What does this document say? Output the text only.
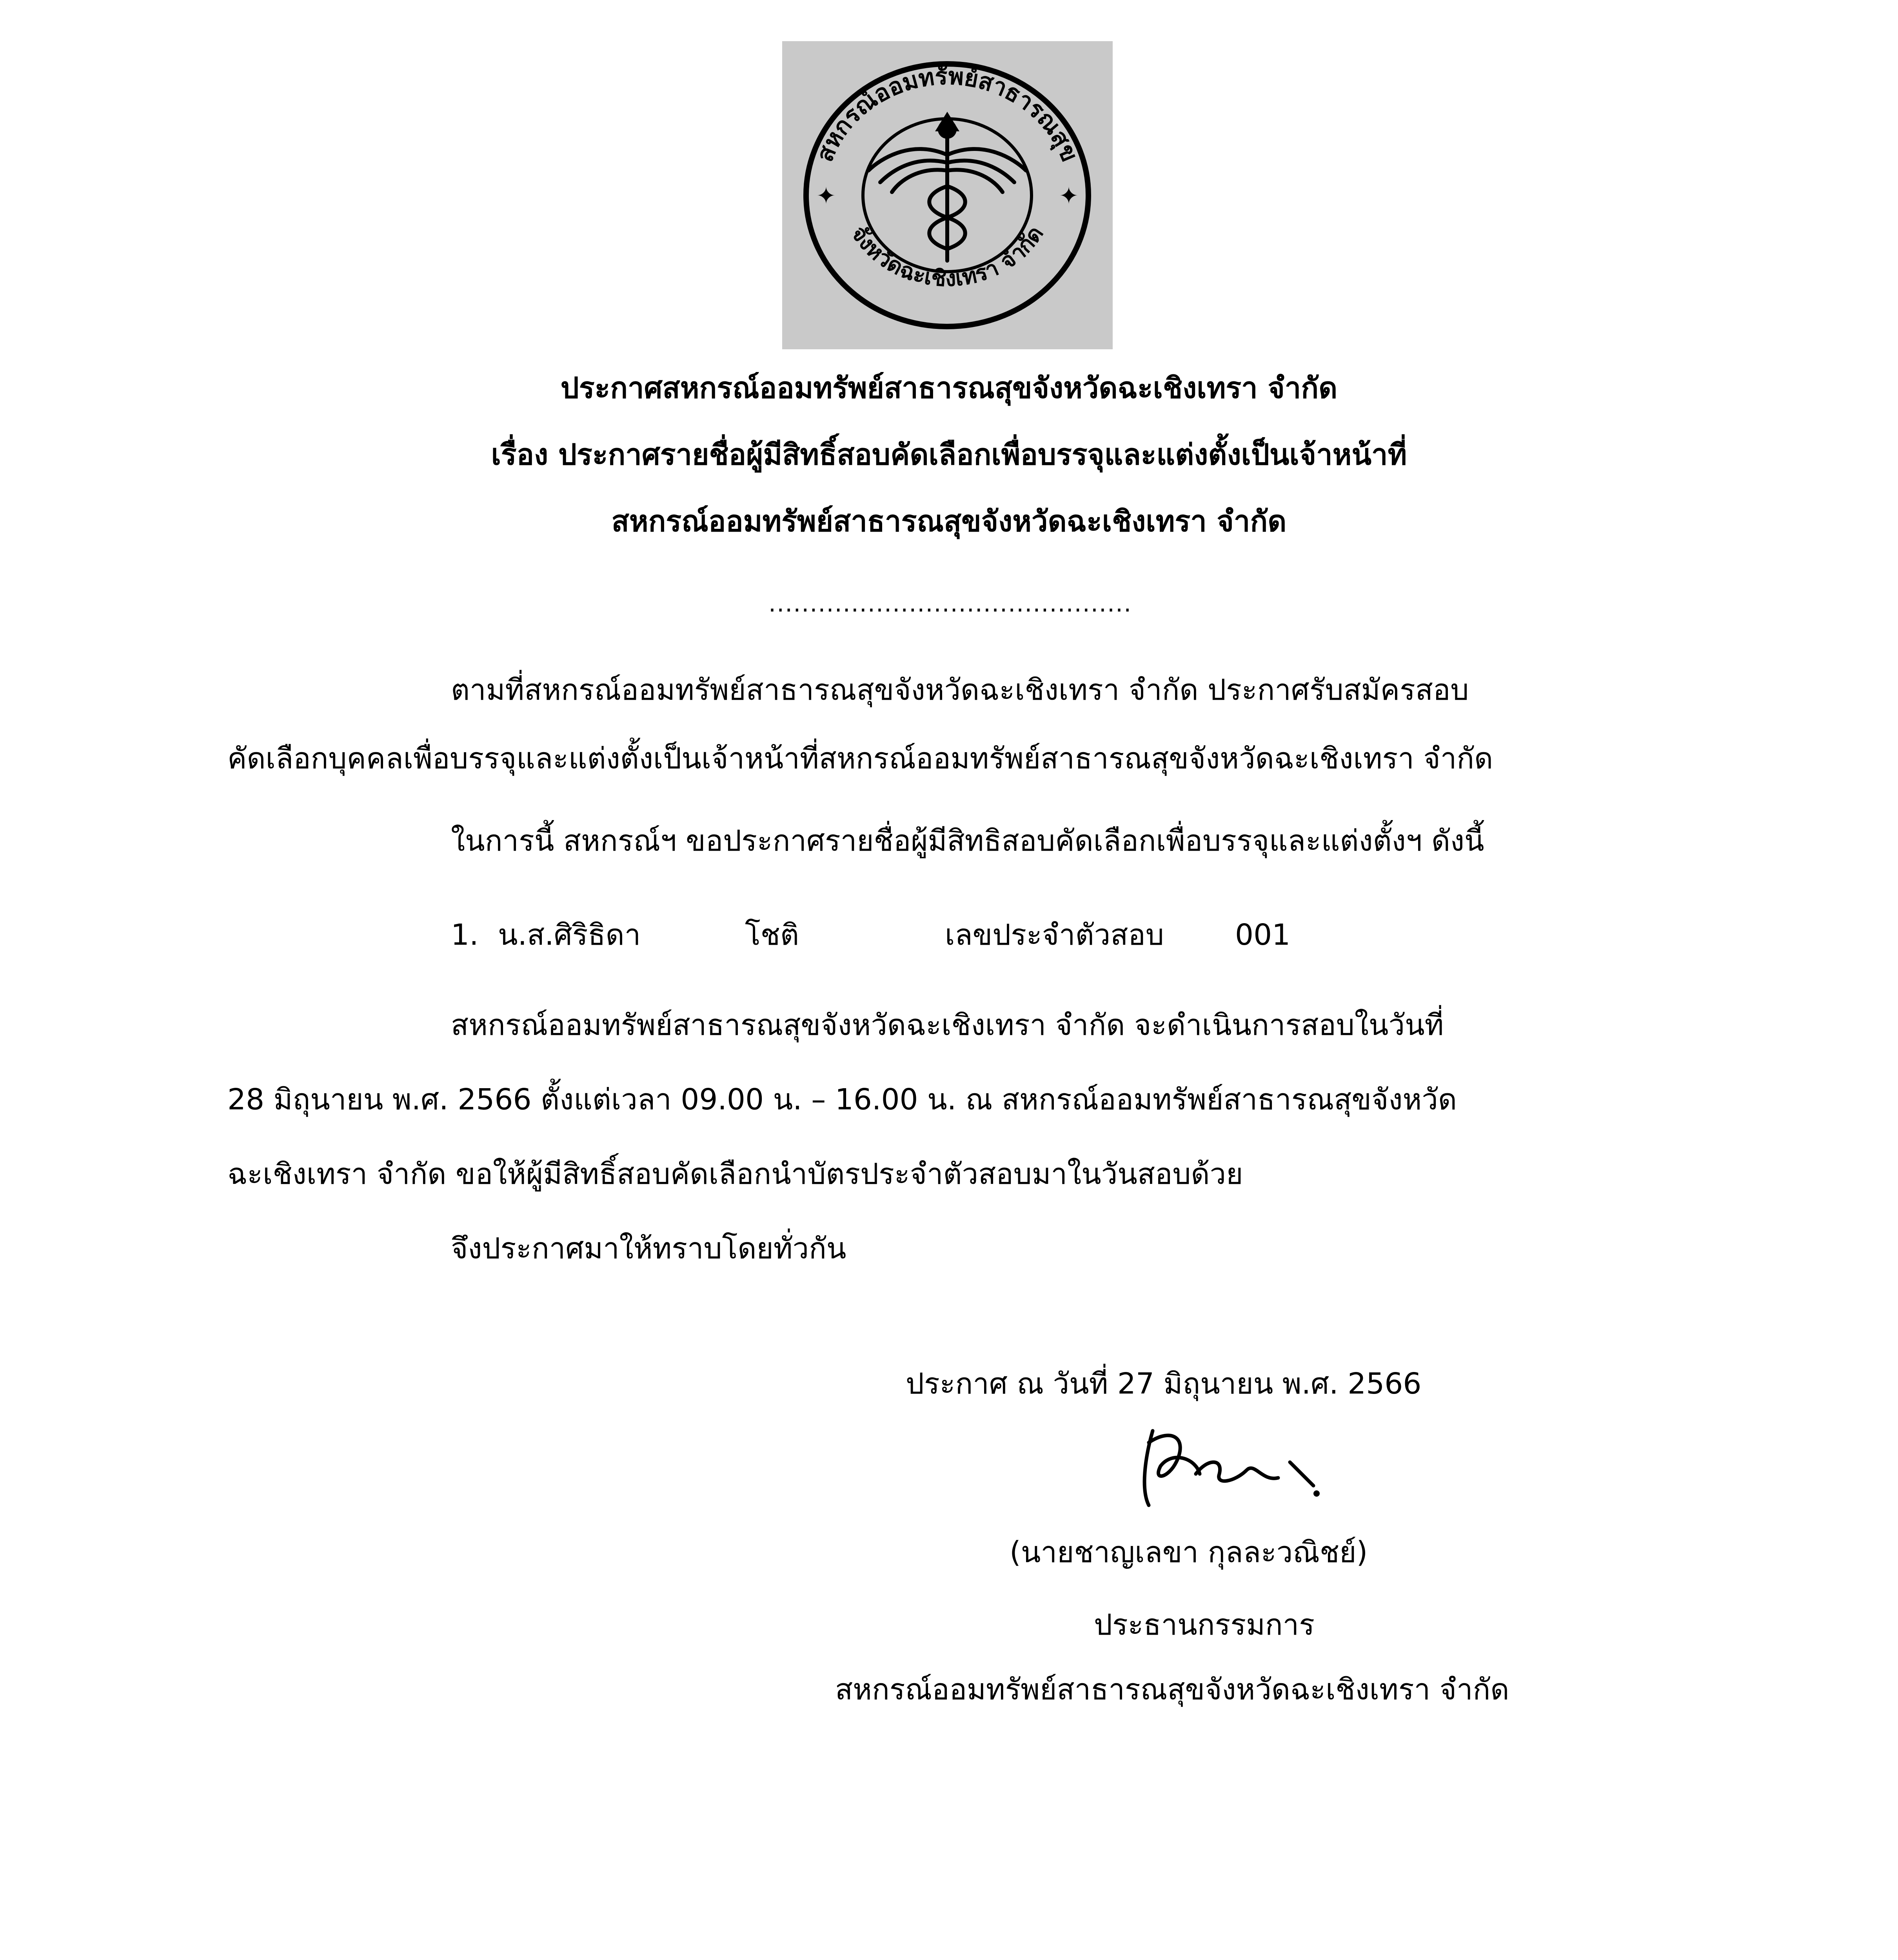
สหกรณ์ออมทรัพย์สาธารณสุข
จังหวัดฉะเชิงเทรา จำกัด
✦	✦
ประกาศสหกรณ์ออมทรัพย์สาธารณสุขจังหวัดฉะเชิงเทรา จำกัด
เรื่อง ประกาศรายชื่อผู้มีสิทธิ์สอบคัดเลือกเพื่อบรรจุและแต่งตั้งเป็นเจ้าหน้าที่
สหกรณ์ออมทรัพย์สาธารณสุขจังหวัดฉะเชิงเทรา จำกัด
............................................
ตามที่สหกรณ์ออมทรัพย์สาธารณสุขจังหวัดฉะเชิงเทรา จำกัด ประกาศรับสมัครสอบ
คัดเลือกบุคคลเพื่อบรรจุและแต่งตั้งเป็นเจ้าหน้าที่สหกรณ์ออมทรัพย์สาธารณสุขจังหวัดฉะเชิงเทรา จำกัด
ในการนี้ สหกรณ์ฯ ขอประกาศรายชื่อผู้มีสิทธิสอบคัดเลือกเพื่อบรรจุและแต่งตั้งฯ ดังนี้
1. น.ส.ศิริธิดา	โชติ	เลขประจำตัวสอบ 001
สหกรณ์ออมทรัพย์สาธารณสุขจังหวัดฉะเชิงเทรา จำกัด จะดำเนินการสอบในวันที่
28 มิถุนายน พ.ศ. 2566 ตั้งแต่เวลา 09.00 น. – 16.00 น. ณ สหกรณ์ออมทรัพย์สาธารณสุขจังหวัด
ฉะเชิงเทรา จำกัด ขอให้ผู้มีสิทธิ์สอบคัดเลือกนำบัตรประจำตัวสอบมาในวันสอบด้วย
จึงประกาศมาให้ทราบโดยทั่วกัน
ประกาศ ณ วันที่ 27 มิถุนายน พ.ศ. 2566
(นายชาญเลขา กุลละวณิชย์)
ประธานกรรมการ
สหกรณ์ออมทรัพย์สาธารณสุขจังหวัดฉะเชิงเทรา จำกัด
